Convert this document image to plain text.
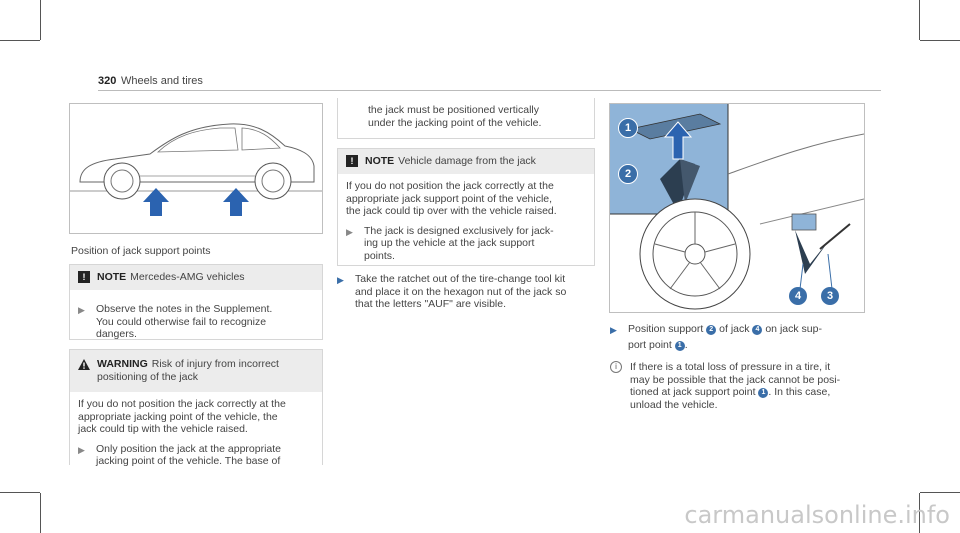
320 Wheels and tires
Position of jack support points
!	NOTE Mercedes-AMG vehicles
▶ Observe the notes in the Supplement.
You could otherwise fail to recognize
dangers.
WARNING Risk of injury from incorrect
positioning of the jack
If you do not position the jack correctly at the
appropriate jacking point of the vehicle, the
jack could tip with the vehicle raised.
▶ Only position the jack at the appropriate
jacking point of the vehicle. The base of
the jack must be positioned vertically
under the jacking point of the vehicle.
!	NOTE Vehicle damage from the jack
If you do not position the jack correctly at the
appropriate jack support point of the vehicle,
the jack could tip over with the vehicle raised.
▶ The jack is designed exclusively for jack-
ing up the vehicle at the jack support
points.
▶ Take the ratchet out of the tire-change tool kit
and place it on the hexagon nut of the jack so
that the letters "AUF" are visible.
1
2
4	3
▶ Position support 2 of jack 4 on jack sup-
port point 1 .
i	If there is a total loss of pressure in a tire, it
may be possible that the jack cannot be posi-
tioned at jack support point 1 . In this case,
unload the vehicle.
carmanualsonline.info
